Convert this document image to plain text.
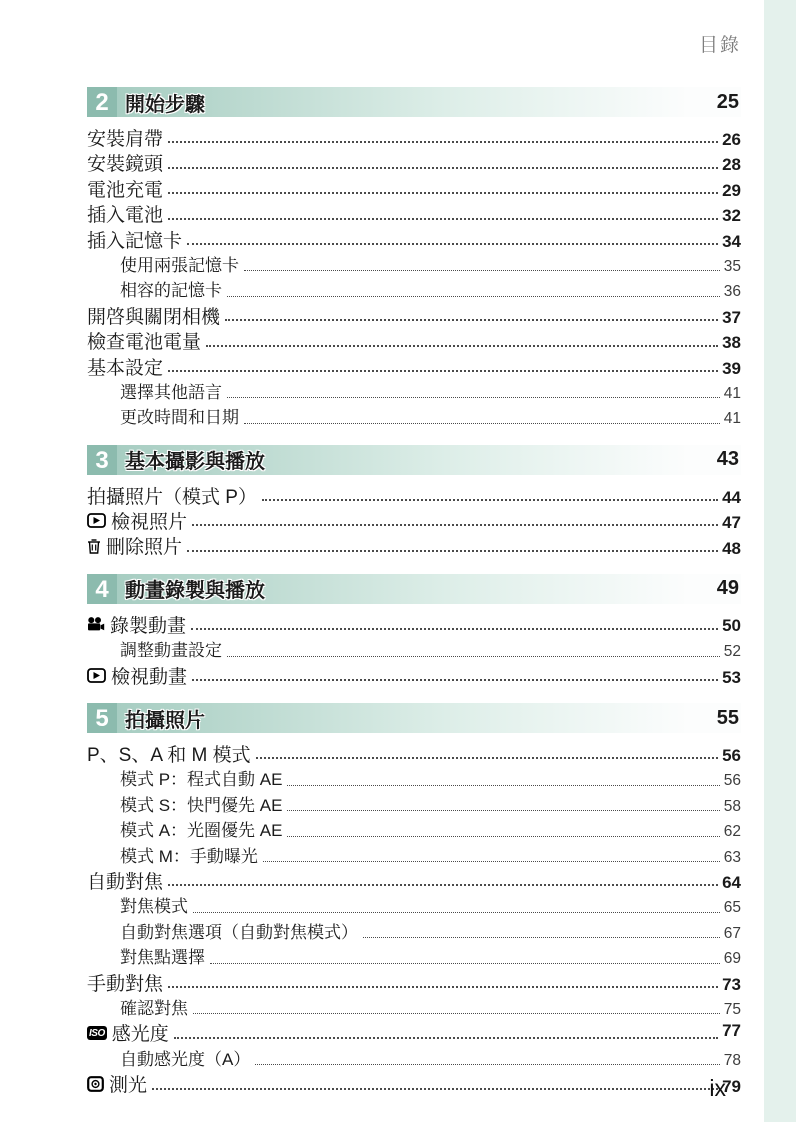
目錄
2 開始步驟	25
安裝肩帶	26
安裝鏡頭	28
電池充電	29
插入電池	32
插入記憶卡	34
使用兩張記憶卡	35
相容的記憶卡	36
開啓與關閉相機	37
檢查電池電量	38
基本設定	39
選擇其他語言	41
更改時間和日期	41
3 基本攝影與播放	43
拍攝照片（模式 P）	44
檢視照片	47
刪除照片	48
4 動畫錄製與播放	49
錄製動畫	50
調整動畫設定	52
檢視動畫	53
5 拍攝照片	55
P、S、A 和 M 模式	56
模式 P：程式自動 AE	56
模式 S：快門優先 AE	58
模式 A：光圈優先 AE	62
模式 M：手動曝光	63
自動對焦	64
對焦模式	65
自動對焦選項（自動對焦模式）	67
對焦點選擇	69
手動對焦	73
確認對焦	75
ISO 感光度	77
自動感光度（A）	78
測光	79
ix
